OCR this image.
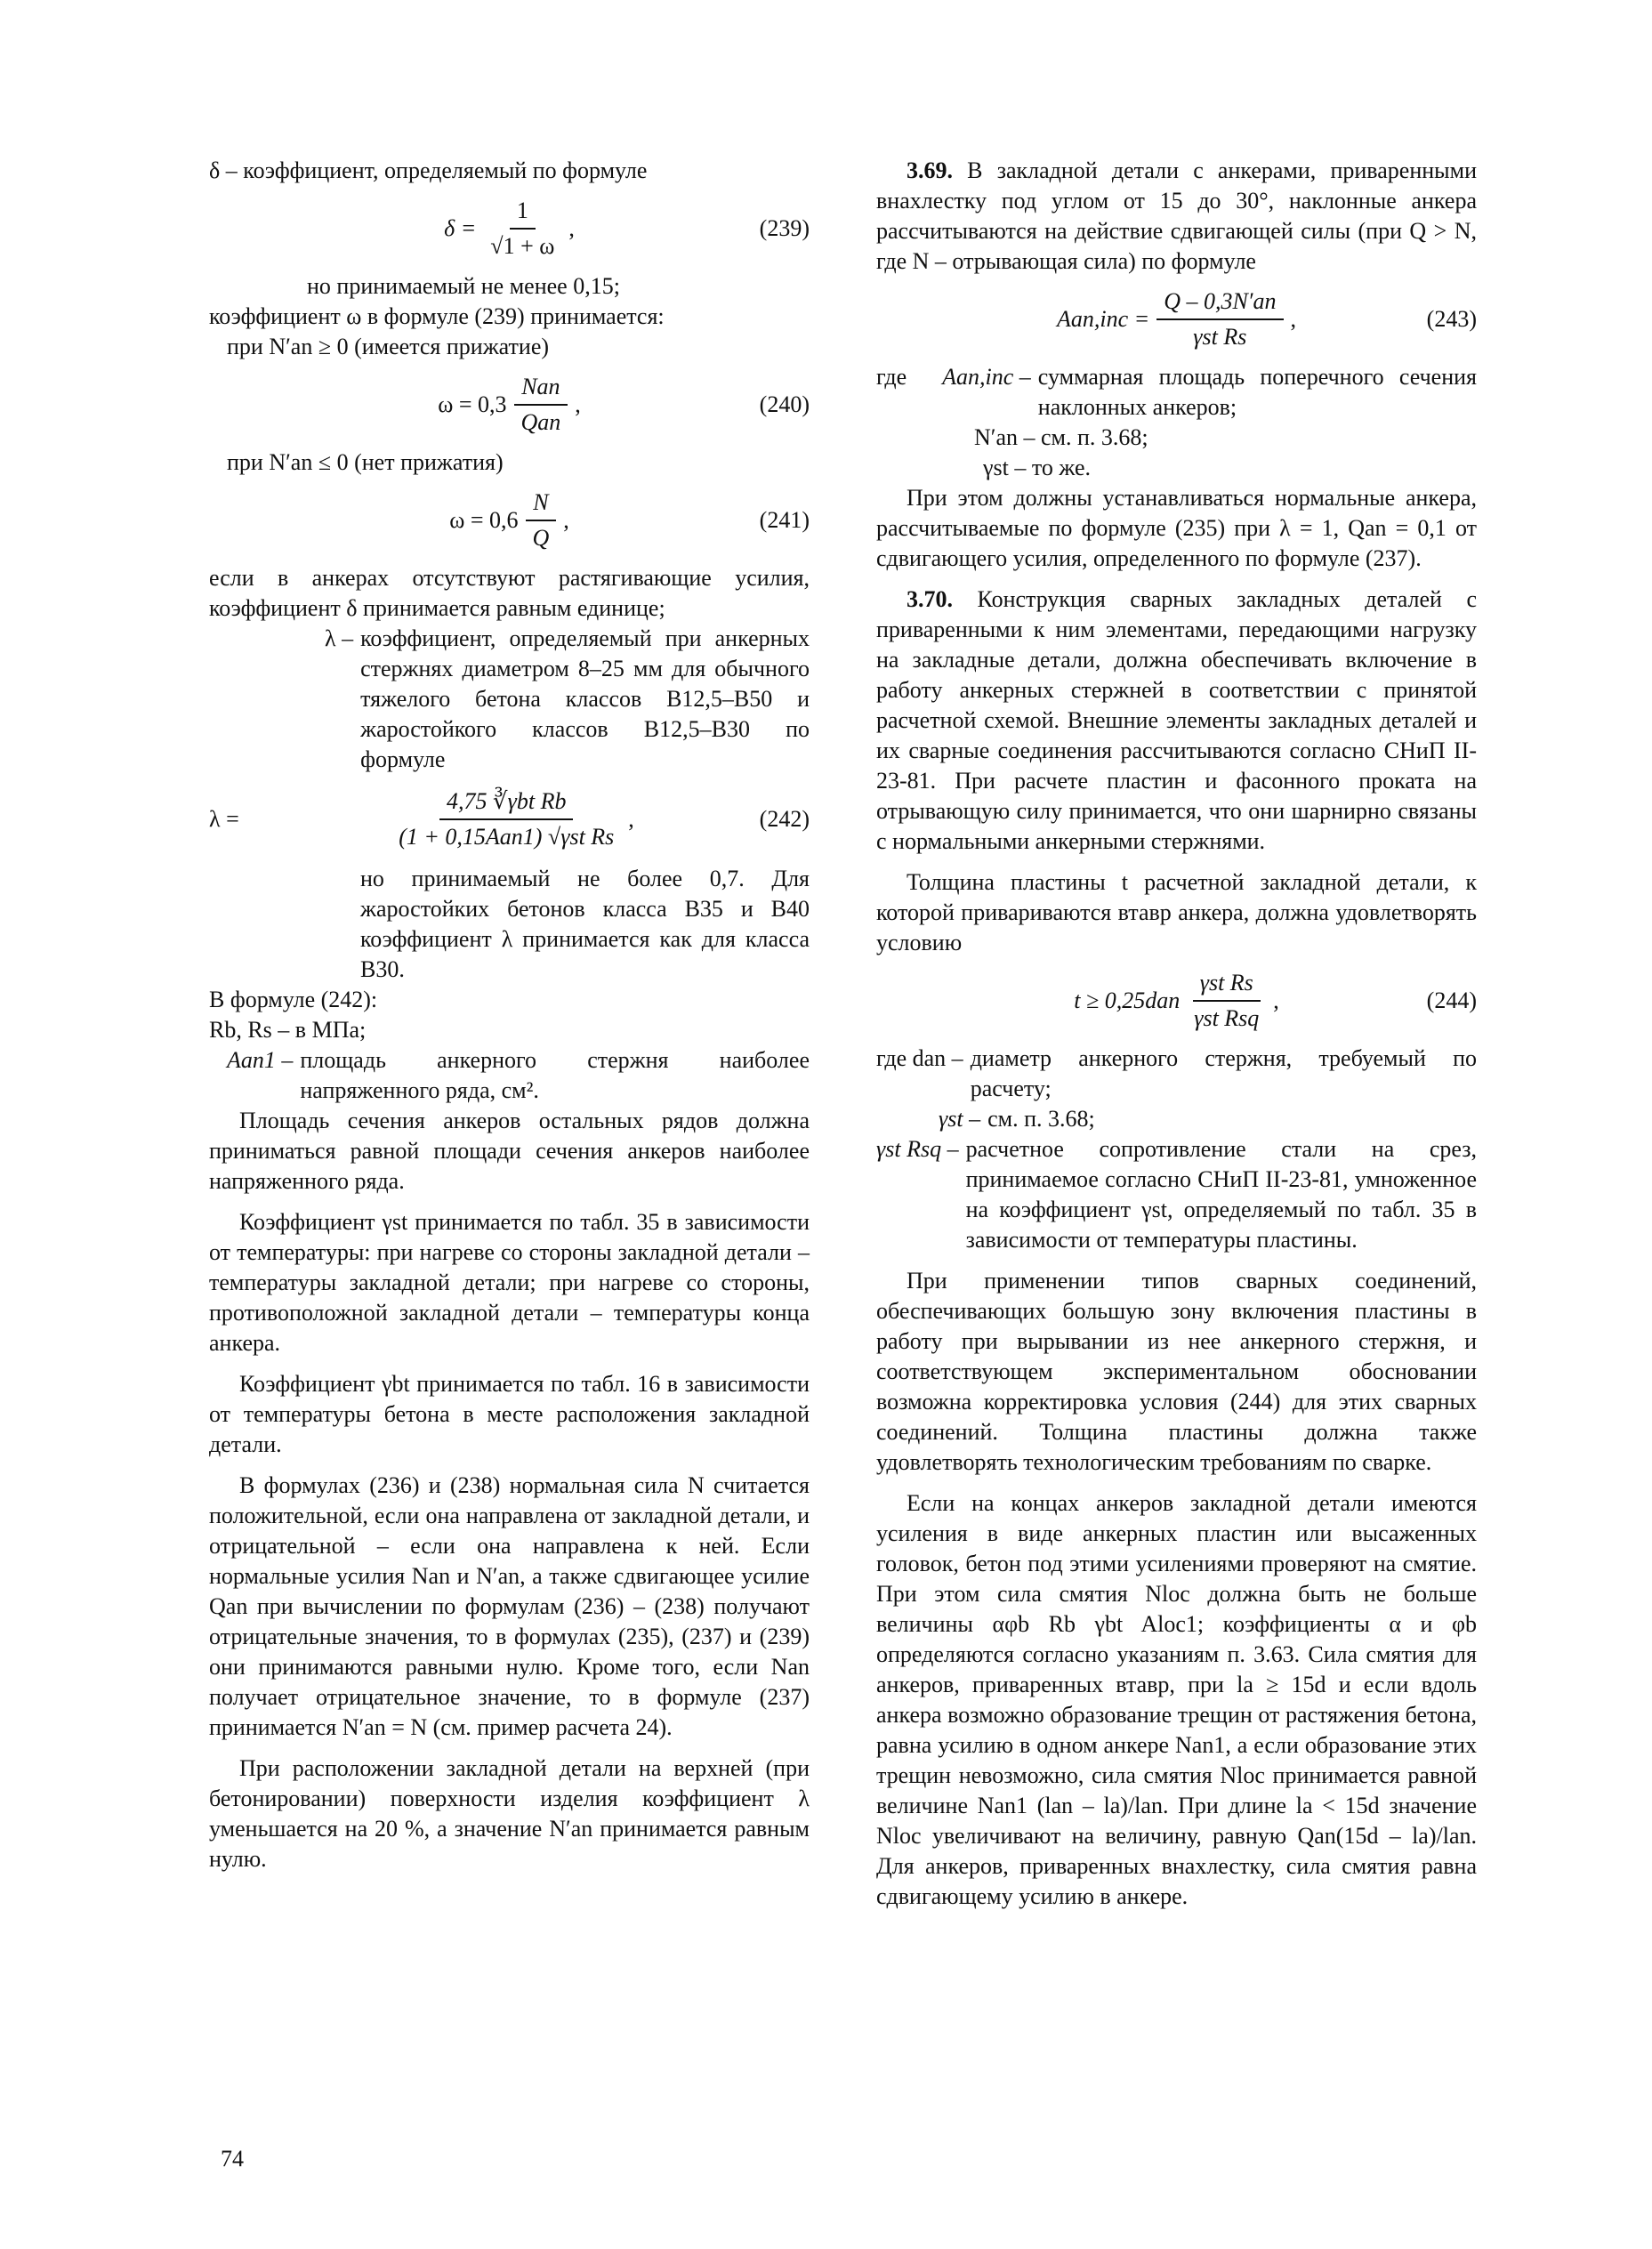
δ – коэффициент, определяемый по формуле

$\delta = \frac{1}{√1 + \omega}$ ,	(239)

но принимаемый не менее 0,15;

коэффициент ω в формуле (239) принимается:

при N′an ≥ 0 (имеется прижатие)

$\omega = 0,3 \frac{\text{Nan}}{\text{Qan}}$ ,	(240)

при N′an ≤ 0 (нет прижатия)

$\omega = 0,6 \frac{N}{Q}$ ,	(241)

если в анкерах отсутствуют растягивающие усилия, коэффициент δ принимается равным единице;

λ – коэффициент, определяемый при анкерных стержнях диаметром 8–25 мм для обычного тяжелого бетона классов В12,5–В50 и жаростойкого классов В12,5–В30 по формуле
λ =	$\frac{\text{4,75 ∛γbt Rb}}{\text{(1 + 0,15Aan1) √γst Rs}}$ ,	(242)

но принимаемый не более 0,7. Для жаростойких бетонов класса В35 и В40 коэффициент λ принимается как для класса В30.

В формуле (242):

Rb, Rs – в МПа;

Aan1 – площадь анкерного стержня наиболее напряженного ряда, см².

Площадь сечения анкеров остальных рядов должна приниматься равной площади сечения анкеров наиболее напряженного ряда.

Коэффициент γst принимается по табл. 35 в зависимости от температуры: при нагреве со стороны закладной детали – температуры закладной детали; при нагреве со стороны, противоположной закладной детали – температуры конца анкера.

Коэффициент γbt принимается по табл. 16 в зависимости от температуры бетона в месте расположения закладной детали.

В формулах (236) и (238) нормальная сила N считается положительной, если она направлена от закладной детали, и отрицательной – если она направлена к ней. Если нормальные усилия Nan и N′an, а также сдвигающее усилие Qan при вычислении по формулам (236) – (238) получают отрицательные значения, то в формулах (235), (237) и (239) они принимаются равными нулю. Кроме того, если Nan получает отрицательное значение, то в формуле (237) принимается N′an = N (см. пример расчета 24).

При расположении закладной детали на верхней (при бетонировании) поверхности изделия коэффициент λ уменьшается на 20 %, а значение N′an принимается равным нулю.

3.69. В закладной детали с анкерами, приваренными внахлестку под углом от 15 до 30°, наклонные анкера рассчитываются на действие сдвигающей силы (при Q > N, где N – отрывающая сила) по формуле

$Aan,inc = \frac{Q - 0,3N'an}{\text{γst Rs}}$ ,	(243)
где	Aan,inc – суммарная площадь поперечного сечения наклонных анкеров;

N′an – см. п. 3.68;

γst – то же.

При этом должны устанавливаться нормальные анкера, рассчитываемые по формуле (235) при λ = 1, Qan = 0,1 от сдвигающего усилия, определенного по формуле (237).

3.70. Конструкция сварных закладных деталей с приваренными к ним элементами, передающими нагрузку на закладные детали, должна обеспечивать включение в работу анкерных стержней в соответствии с принятой расчетной схемой. Внешние элементы закладных деталей и их сварные соединения рассчитываются согласно СНиП II-23-81. При расчете пластин и фасонного проката на отрывающую силу принимается, что они шарнирно связаны с нормальными анкерными стержнями.

Толщина пластины t расчетной закладной детали, к которой привариваются втавр анкера, должна удовлетворять условию

$t \ge 0,25dan \frac{\text{γst Rs}}{\text{γst Rsq}}$ ,	(244)
где dan – диаметр анкерного стержня, требуемый по расчету;
γst – см. п. 3.68;
γst Rsq – расчетное сопротивление стали на срез, принимаемое согласно СНиП II-23-81, умноженное на коэффициент γst, определяемый по табл. 35 в зависимости от температуры пластины.

При применении типов сварных соединений, обеспечивающих большую зону включения пластины в работу при вырывании из нее анкерного стержня, и соответствующем экспериментальном обосновании возможна корректировка условия (244) для этих сварных соединений. Толщина пластины должна также удовлетворять технологическим требованиям по сварке.

Если на концах анкеров закладной детали имеются усиления в виде анкерных пластин или высаженных головок, бетон под этими усилениями проверяют на смятие. При этом сила смятия Nloc должна быть не больше величины αφb Rb γbt Aloc1; коэффициенты α и φb определяются согласно указаниям п. 3.63. Сила смятия для анкеров, приваренных втавр, при la ≥ 15d и если вдоль анкера возможно образование трещин от растяжения бетона, равна усилию в одном анкере Nan1, а если образование этих трещин невозможно, сила смятия Nloc принимается равной величине Nan1 (lan – la)/lan. При длине la < 15d значение Nloc увеличивают на величину, равную Qan(15d – la)/lan. Для анкеров, приваренных внахлестку, сила смятия равна сдвигающему усилию в анкере.

74
